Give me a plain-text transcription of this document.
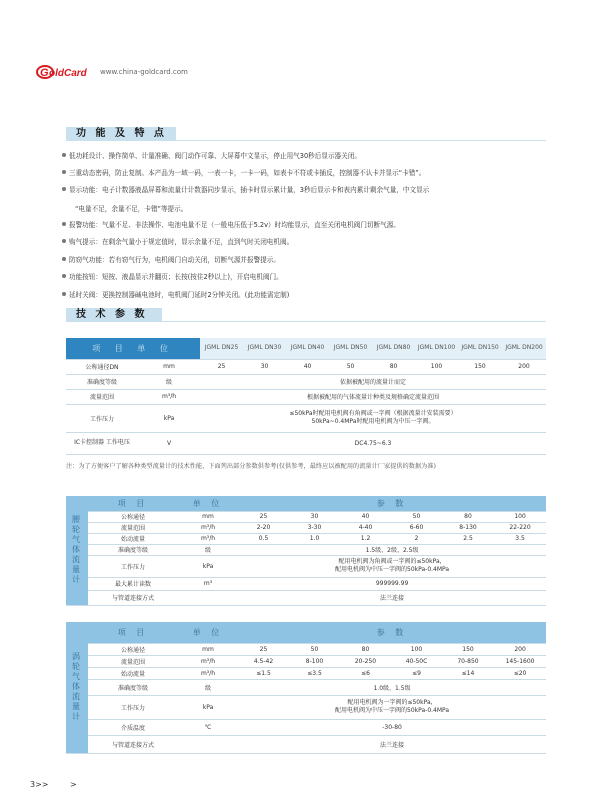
G oldCard www.china-goldcard.com
功 能 及 特 点
低功耗设计、操作简单、计量准确、阀门动作可靠、大屏幕中文显示，停止用气30秒后显示器关闭。
三重动态密码，防止复制。本产品为一域一码，一表一卡，一卡一码，如表卡不符或卡插反，控制器不认卡并显示“卡错”。
显示功能：电子计数器液晶屏幕和流量计计数器同步显示，插卡时显示累计量，3秒后显示卡和表内累计剩余气量，中文显示
“电量不足，余量不足，卡错”等提示。
报警功能：气量不足、非法操作、电池电量不足（一般电压低于5.2v）时均能显示，直至关闭电机阀门切断气源。
购气提示：在剩余气量小于规定值时，显示余量不足，直到气时关闭电机阀。
防窃气功能：若有窃气行为，电机阀门自动关闭，切断气源并报警提示。
功能按钮：短按、液晶显示并翻页；长按(按住2秒以上)，开启电机阀门。
延时关阀：更换控制器碱电池时，电机阀门延时2分钟关闭。(此功能需定制)
技 术 参 数
项 目 单 位		JGML DN25	JGML DN30	JGML DN40	JGML DN50	JGML DN80	JGML DN100	JGML DN150	JGML DN200
公称通径DN	mm	25	30	40	50	80	100	150	200
准确度等级	级	依据被配用的流量计而定							
流量范围	m³/h	根据被配用的气体流量计种类及规格确定流量范围							
工作压力	kPa	≤50kPa时配用电机阀有角阀或一字阀（根据流量计安装需要）
50kPa~0.4MPa时配用电机阀为中压一字阀。							

IC卡控制器 工作电压	V	DC4.75~6.3							
注：为了方便客户了解各种类型流量计的技术性能，下面列出部分参数供参考(仅供参考，最终应以被配用的流量计厂家提供的数据为准)
腰轮气体流量计	项 目	单 位	参 数					
	公称通径	mm	25	30	40	50	80	100
	流量范围	m³/h	2-20	3-30	4-40	6-60	8-130	22-220
	始动流量	m³/h	0.5	1.0	1.2	2	2.5	3.5
	准确度等级	级	1.5级、2级、2.5级					
	工作压力	kPa	配用电机阀为角阀或一字阀的≤50kPa，
配用电机阀为中压一字阀的50kPa-0.4MPa					

	最大累计读数	m³	999999.99					
	与管道连接方式		法兰连接					
涡轮气体流量计	项 目	单 位	参 数					
	公称通径	mm	25	50	80	100	150	200
	流量范围	m³/h	4.5-42	8-100	20-250	40-50C	70-850	145-1600
	始动流量	m³/h	≤1.5	≤3.5	≤6	≤9	≤14	≤20
	准确度等级	级	1.0级、1.5级					
	工作压力	kPa	配用电机阀为一字阀的≤50kPa，
配用电机阀为中压一字阀的50kPa-0.4MPa					

	介质温度	℃	-30-80					
	与管道连接方式		法兰连接					
3>>	>
